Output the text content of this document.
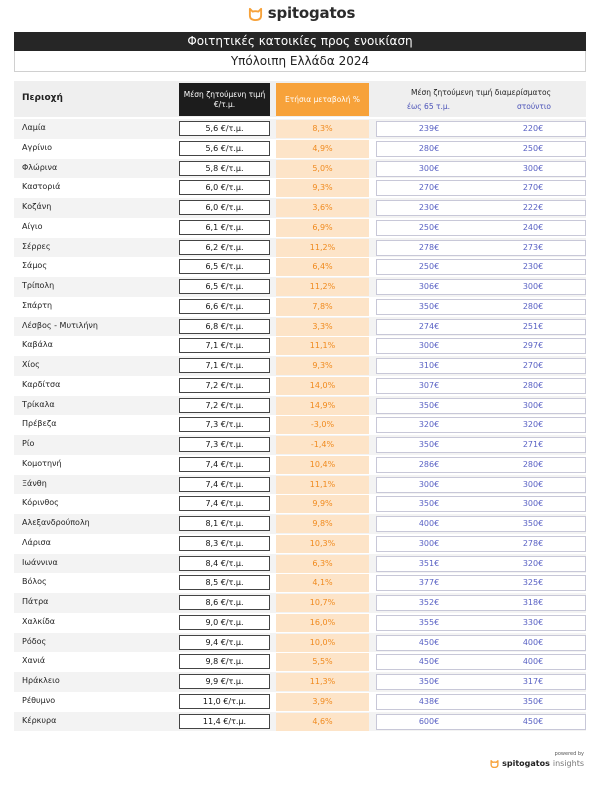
spitogatos
Φοιτητικές κατοικίες προς ενοικίαση
Υπόλοιπη Ελλάδα 2024
Περιοχή	Μέση ζητούμενη τιμή €/τ.μ.	Ετήσια μεταβολή %
Μέση ζητούμενη τιμή διαμερίσματος
έως 65 τ.μ.	στούντιο
Λαμία	5,6 €/τ.μ.	8,3%	239€	220€
Αγρίνιο	5,6 €/τ.μ.	4,9%	280€	250€
Φλώρινα	5,8 €/τ.μ.	5,0%	300€	300€
Καστοριά	6,0 €/τ.μ.	9,3%	270€	270€
Κοζάνη	6,0 €/τ.μ.	3,6%	230€	222€
Αίγιο	6,1 €/τ.μ.	6,9%	250€	240€
Σέρρες	6,2 €/τ.μ.	11,2%	278€	273€
Σάμος	6,5 €/τ.μ.	6,4%	250€	230€
Τρίπολη	6,5 €/τ.μ.	11,2%	306€	300€
Σπάρτη	6,6 €/τ.μ.	7,8%	350€	280€
Λέσβος - Μυτιλήνη	6,8 €/τ.μ.	3,3%	274€	251€
Καβάλα	7,1 €/τ.μ.	11,1%	300€	297€
Χίος	7,1 €/τ.μ.	9,3%	310€	270€
Καρδίτσα	7,2 €/τ.μ.	14,0%	307€	280€
Τρίκαλα	7,2 €/τ.μ.	14,9%	350€	300€
Πρέβεζα	7,3 €/τ.μ.	-3,0%	320€	320€
Ρίο	7,3 €/τ.μ.	-1,4%	350€	271€
Κομοτηνή	7,4 €/τ.μ.	10,4%	286€	280€
Ξάνθη	7,4 €/τ.μ.	11,1%	300€	300€
Κόρινθος	7,4 €/τ.μ.	9,9%	350€	300€
Αλεξανδρούπολη	8,1 €/τ.μ.	9,8%	400€	350€
Λάρισα	8,3 €/τ.μ.	10,3%	300€	278€
Ιωάννινα	8,4 €/τ.μ.	6,3%	351€	320€
Βόλος	8,5 €/τ.μ.	4,1%	377€	325€
Πάτρα	8,6 €/τ.μ.	10,7%	352€	318€
Χαλκίδα	9,0 €/τ.μ.	16,0%	355€	330€
Ρόδος	9,4 €/τ.μ.	10,0%	450€	400€
Χανιά	9,8 €/τ.μ.	5,5%	450€	400€
Ηράκλειο	9,9 €/τ.μ.	11,3%	350€	317€
Ρέθυμνο	11,0 €/τ.μ.	3,9%	438€	350€
Κέρκυρα	11,4 €/τ.μ.	4,6%	600€	450€
powered by
spitogatos insights
